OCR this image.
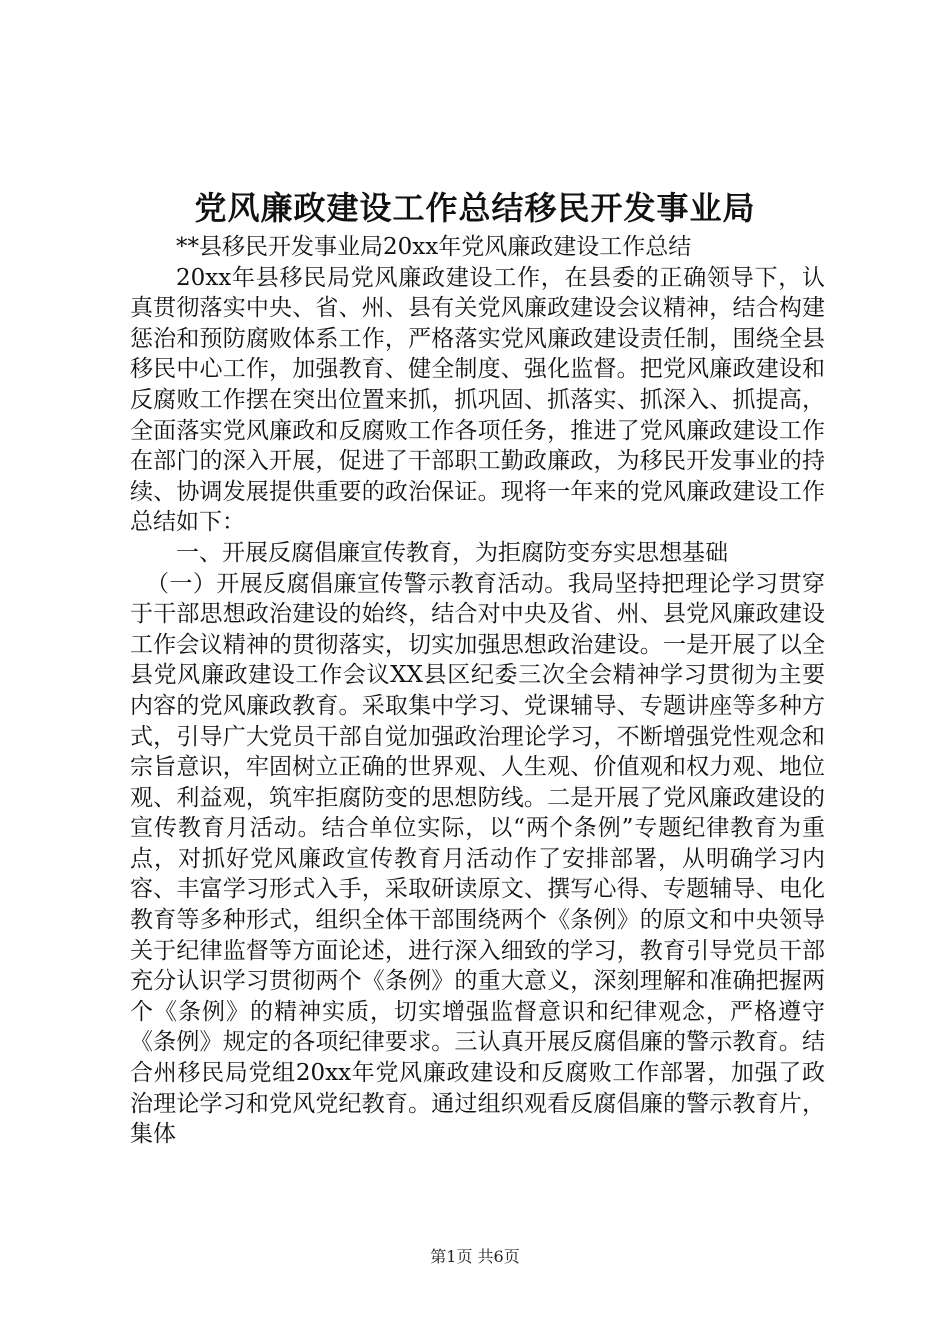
党风廉政建设工作总结移民开发事业局

**县移民开发事业局20xx年党风廉政建设工作总结

20xx年县移民局党风廉政建设工作，在县委的正确领导下，认真贯彻落实中央、省、州、县有关党风廉政建设会议精神，结合构建惩治和预防腐败体系工作，严格落实党风廉政建设责任制，围绕全县移民中心工作，加强教育、健全制度、强化监督。把党风廉政建设和反腐败工作摆在突出位置来抓，抓巩固、抓落实、抓深入、抓提高，全面落实党风廉政和反腐败工作各项任务，推进了党风廉政建设工作在部门的深入开展，促进了干部职工勤政廉政，为移民开发事业的持续、协调发展提供重要的政治保证。现将一年来的党风廉政建设工作总结如下：

一、开展反腐倡廉宣传教育，为拒腐防变夯实思想基础

（一）开展反腐倡廉宣传警示教育活动。我局坚持把理论学习贯穿于干部思想政治建设的始终，结合对中央及省、州、县党风廉政建设工作会议精神的贯彻落实，切实加强思想政治建设。一是开展了以全县党风廉政建设工作会议XX县区纪委三次全会精神学习贯彻为主要内容的党风廉政教育。采取集中学习、党课辅导、专题讲座等多种方式，引导广大党员干部自觉加强政治理论学习，不断增强党性观念和宗旨意识，牢固树立正确的世界观、人生观、价值观和权力观、地位观、利益观，筑牢拒腐防变的思想防线。二是开展了党风廉政建设的宣传教育月活动。结合单位实际，以“两个条例”专题纪律教育为重点，对抓好党风廉政宣传教育月活动作了安排部署，从明确学习内容、丰富学习形式入手，采取研读原文、撰写心得、专题辅导、电化教育等多种形式，组织全体干部围绕两个《条例》的原文和中央领导关于纪律监督等方面论述，进行深入细致的学习，教育引导党员干部充分认识学习贯彻两个《条例》的重大意义，深刻理解和准确把握两个《条例》的精神实质，切实增强监督意识和纪律观念，严格遵守《条例》规定的各项纪律要求。三认真开展反腐倡廉的警示教育。结合州移民局党组20xx年党风廉政建设和反腐败工作部署，加强了政治理论学习和党风党纪教育。通过组织观看反腐倡廉的警示教育片，集体

第1页 共6页
